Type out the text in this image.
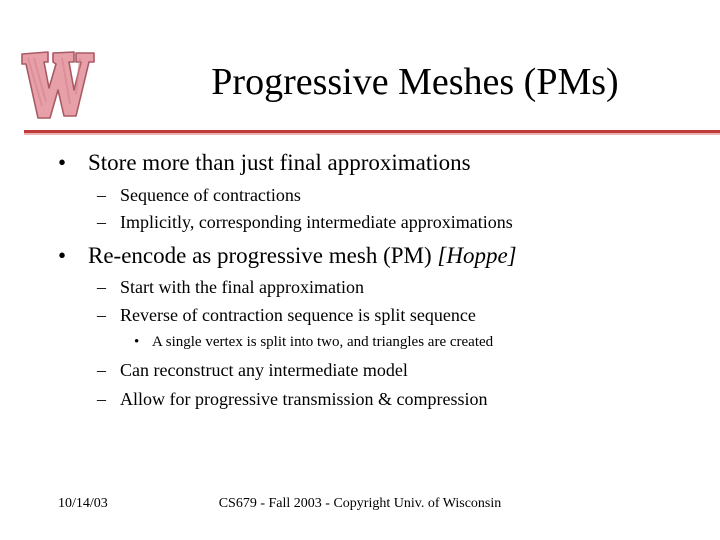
Progressive Meshes (PMs)
• Store more than just final approximations
– Sequence of contractions
– Implicitly, corresponding intermediate approximations
• Re-encode as progressive mesh (PM) [Hoppe]
– Start with the final approximation
– Reverse of contraction sequence is split sequence
• A single vertex is split into two, and triangles are created
– Can reconstruct any intermediate model
– Allow for progressive transmission & compression
10/14/03	CS679 - Fall 2003 - Copyright Univ. of Wisconsin
